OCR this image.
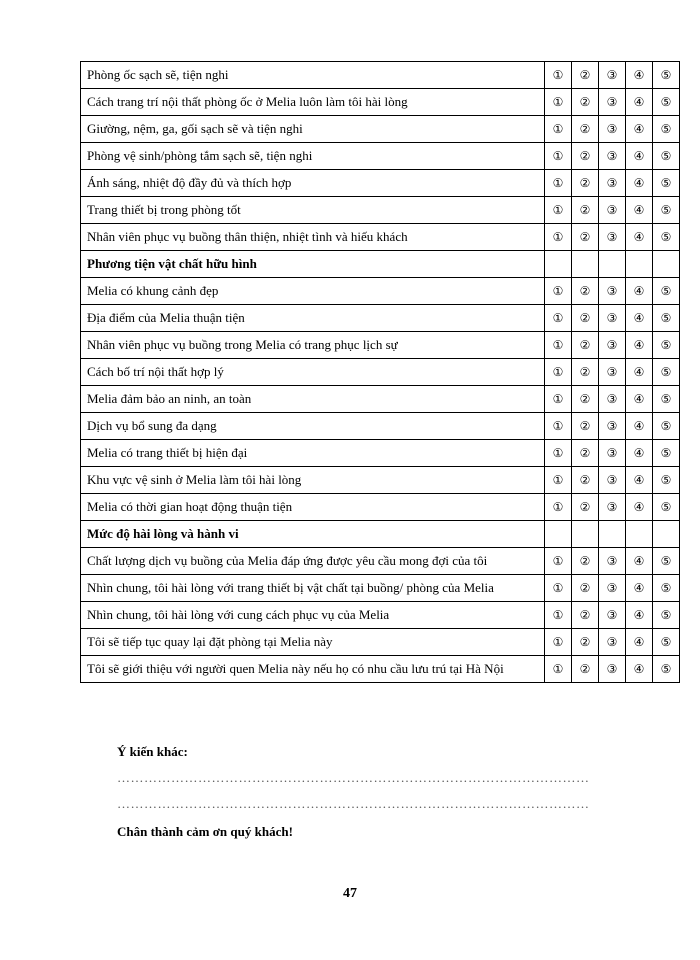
Phòng ốc sạch sẽ, tiện nghi	①	②	③	④	⑤
Cách trang trí nội thất phòng ốc ở Melia luôn làm tôi hài lòng	①	②	③	④	⑤
Giường, nệm, ga, gối sạch sẽ và tiện nghi	①	②	③	④	⑤
Phòng vệ sinh/phòng tắm sạch sẽ, tiện nghi	①	②	③	④	⑤
Ánh sáng, nhiệt độ đầy đủ và thích hợp	①	②	③	④	⑤
Trang thiết bị trong phòng tốt	①	②	③	④	⑤
Nhân viên phục vụ buồng thân thiện, nhiệt tình và hiếu khách	①	②	③	④	⑤
Phương tiện vật chất hữu hình					
Melia có khung cảnh đẹp	①	②	③	④	⑤
Địa điểm của Melia thuận tiện	①	②	③	④	⑤
Nhân viên phục vụ buồng trong Melia có trang phục lịch sự	①	②	③	④	⑤
Cách bố trí nội thất hợp lý	①	②	③	④	⑤
Melia đảm bảo an ninh, an toàn	①	②	③	④	⑤
Dịch vụ bổ sung đa dạng	①	②	③	④	⑤
Melia có trang thiết bị hiện đại	①	②	③	④	⑤
Khu vực vệ sinh ở Melia làm tôi hài lòng	①	②	③	④	⑤
Melia có thời gian hoạt động thuận tiện	①	②	③	④	⑤
Mức độ hài lòng và hành vi					
Chất lượng dịch vụ buồng của Melia đáp ứng được yêu cầu mong đợi của tôi	①	②	③	④	⑤
Nhìn chung, tôi hài lòng với trang thiết bị vật chất tại buồng/ phòng của Melia	①	②	③	④	⑤
Nhìn chung, tôi hài lòng với cung cách phục vụ của Melia	①	②	③	④	⑤
Tôi sẽ tiếp tục quay lại đặt phòng tại Melia này	①	②	③	④	⑤
Tôi sẽ giới thiệu với người quen Melia này nếu họ có nhu cầu lưu trú tại Hà Nội	①	②	③	④	⑤
Ý kiến khác:
……………………………………………………………………………………………
……………………………………………………………………………………………
Chân thành cảm ơn quý khách!
47
